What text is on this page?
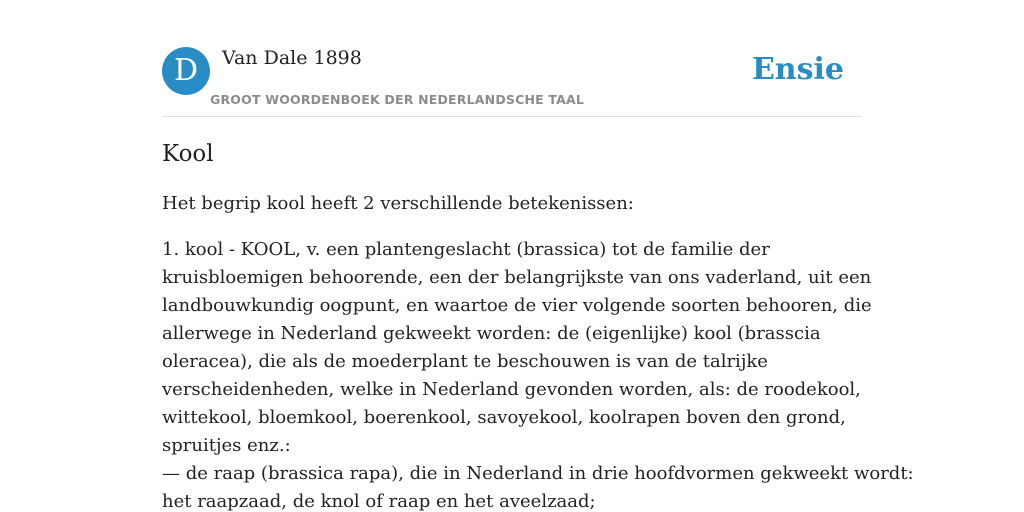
D	Van Dale 1898
GROOT WOORDENBOEK DER NEDERLANDSCHE TAAL
Ensie
Kool

Het begrip kool heeft 2 verschillende betekenissen:

1. kool - KOOL, v. een plantengeslacht (brassica) tot de familie der
kruisbloemigen behoorende, een der belangrijkste van ons vaderland, uit een
landbouwkundig oogpunt, en waartoe de vier volgende soorten behooren, die
allerwege in Nederland gekweekt worden: de (eigenlijke) kool (brasscia
oleracea), die als de moederplant te beschouwen is van de talrijke
verscheidenheden, welke in Nederland gevonden worden, als: de roodekool,
wittekool, bloemkool, boerenkool, savoyekool, koolrapen boven den grond,
spruitjes enz.:
— de raap (brassica rapa), die in Nederland in drie hoofdvormen gekweekt wordt:
het raapzaad, de knol of raap en het aveelzaad;
